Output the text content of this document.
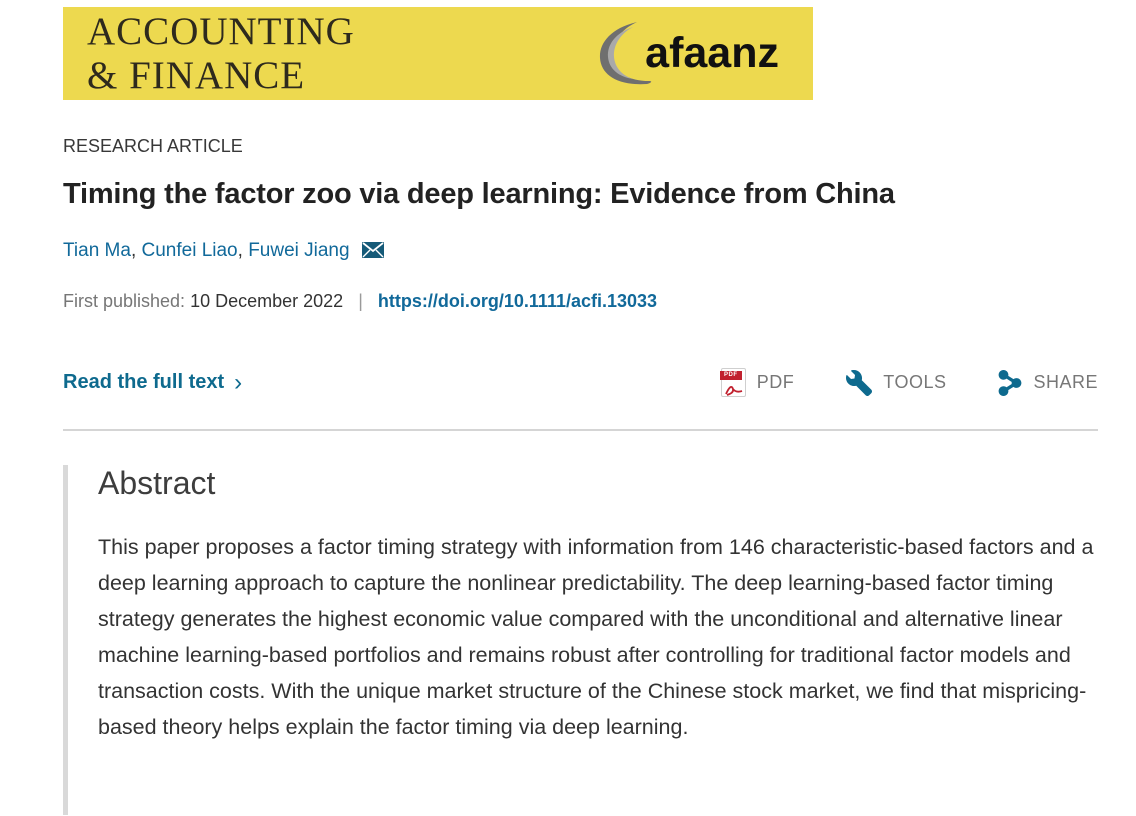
ACCOUNTING
& FINANCE	afaanz
RESEARCH ARTICLE
Timing the factor zoo via deep learning: Evidence from China
Tian Ma, Cunfei Liao, Fuwei Jiang
First published: 10 December 2022 | https://doi.org/10.1111/acfi.13033
Read the full text ›	PDF PDF	TOOLS	SHARE
Abstract

This paper proposes a factor timing strategy with information from 146 characteristic-based factors and a deep learning approach to capture the nonlinear predictability. The deep learning-based factor timing strategy generates the highest economic value compared with the unconditional and alternative linear machine learning-based portfolios and remains robust after controlling for traditional factor models and transaction costs. With the unique market structure of the Chinese stock market, we find that mispricing-based theory helps explain the factor timing via deep learning.
